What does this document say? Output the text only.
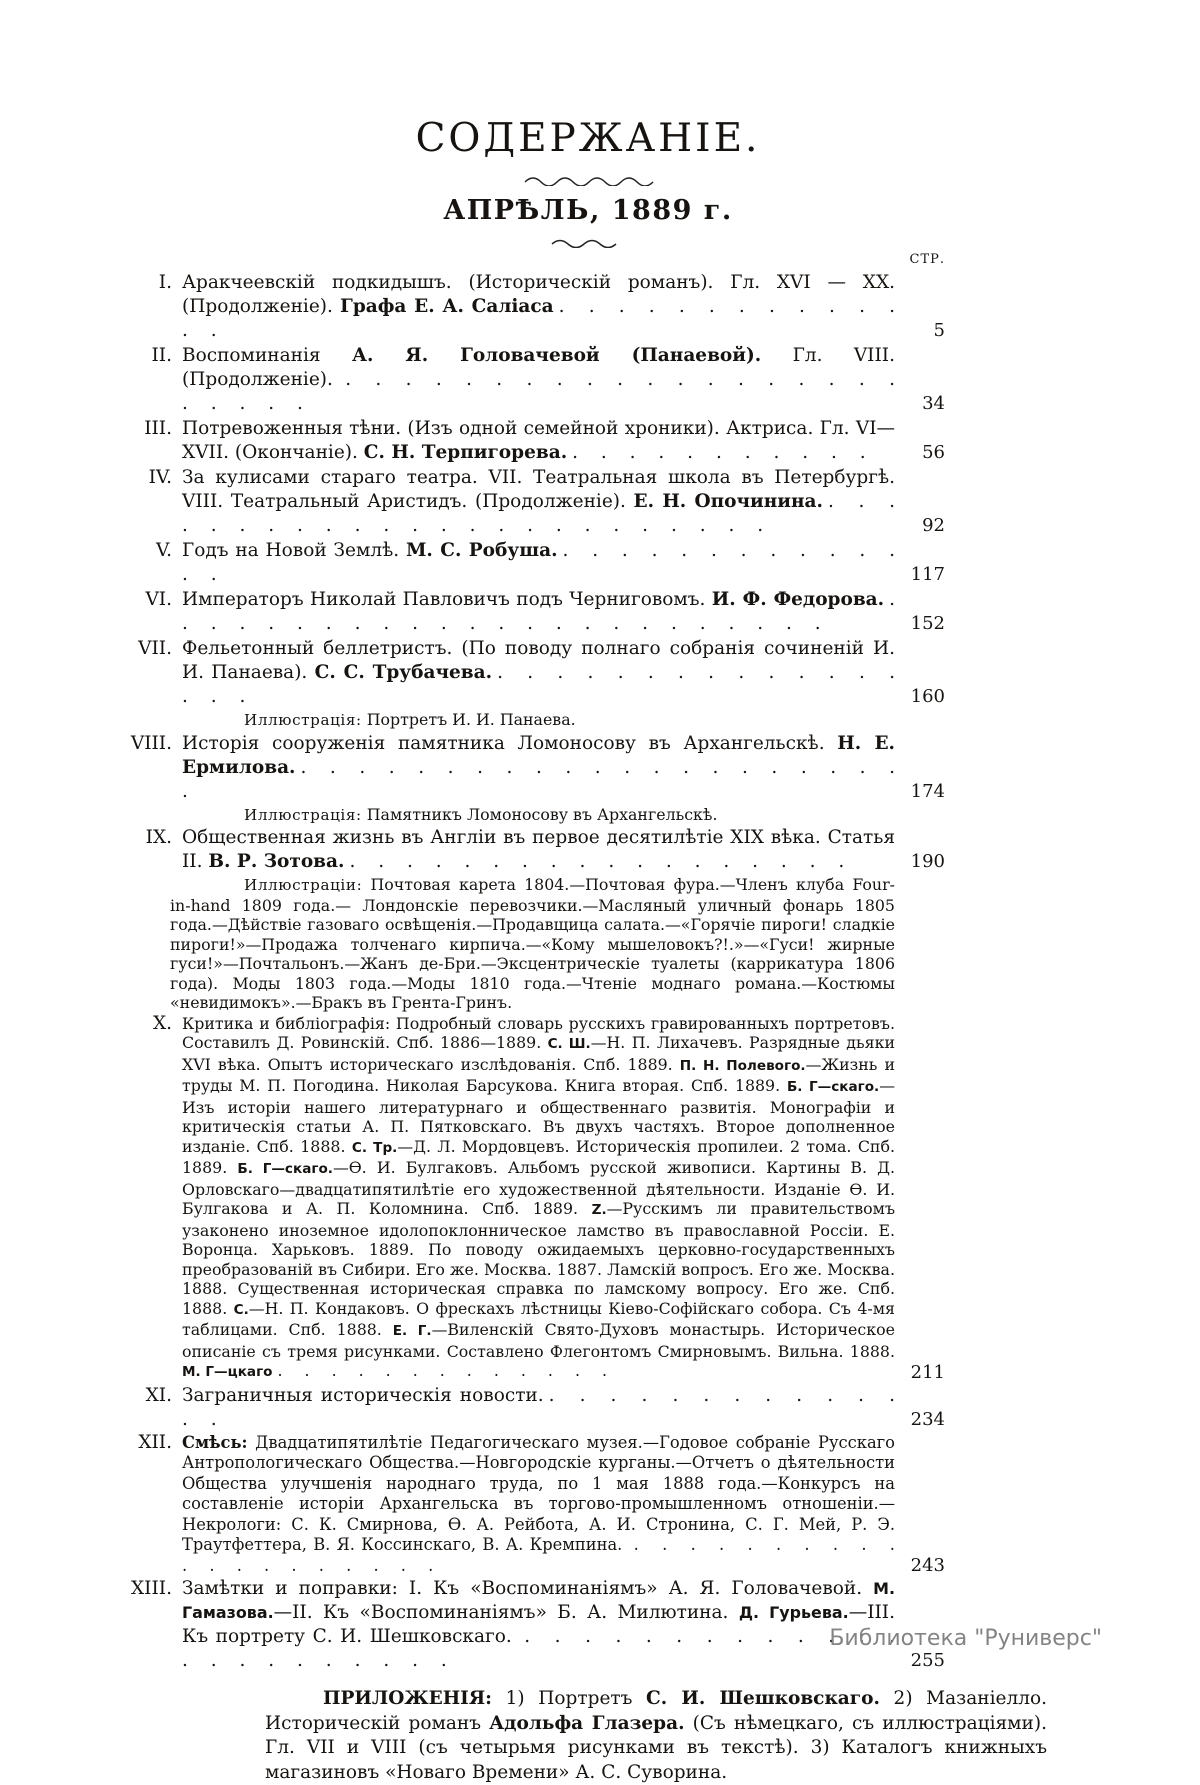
СОДЕРЖАНІЕ.
АПРѢЛЬ, 1889 г.
СТР.
I. Аракчеевскій подкидышъ. (Историческій романъ). Гл. XVI — XX. (Продолженіе). Графа Е. А. Саліаса . . . . . . . . . . . . . .	5
II. Воспоминанія А. Я. Головачевой (Панаевой). Гл. VIII. (Продолженіе). . . . . . . . . . . . . . . . . . . . . . . . .	34
III. Потревоженныя тѣни. (Изъ одной семейной хроники). Актриса. Гл. VI—XVII. (Окончаніе). С. Н. Терпигорева. . . . . . . . . . . .	56
IV. За кулисами стараго театра. VII. Театральная школа въ Петербургѣ. VIII. Театральный Аристидъ. (Продолженіе). Е. Н. Опочинина. . . . . . . . . . . . . . . . . . . . . . . . .	92
V. Годъ на Новой Землѣ. М. С. Робуша. . . . . . . . . . . . . . .	117
VI. Императоръ Николай Павловичъ подъ Черниговомъ. И. Ф. Федорова. . . . . . . . . . . . . . . . . . . . . . . . .	152
VII. Фельетонный беллетристъ. (По поводу полнаго собранія сочиненій И. И. Панаева). С. С. Трубачева. . . . . . . . . . . . . . . . . .	160
Иллюстрація: Портретъ И. И. Панаева.
VIII. Исторія сооруженія памятника Ломоносову въ Архангельскѣ. Н. Е. Ермилова. . . . . . . . . . . . . . . . . . . . . . .	174
Иллюстрація: Памятникъ Ломоносову въ Архангельскѣ.
IX. Общественная жизнь въ Англіи въ первое десятилѣтіе XIX вѣка. Статья II. В. Р. Зотова. . . . . . . . . . . . . . . . . . .	190
Иллюстраціи: Почтовая карета 1804.—Почтовая фура.—Членъ клуба Four-in-hand 1809 года.— Лондонскіе перевозчики.—Масляный уличный фонарь 1805 года.—Дѣйствіе газоваго освѣщенія.—Продавщица салата.—«Горячіе пироги! сладкіе пироги!»—Продажа толченаго кирпича.—«Кому мышеловокъ?!.»—«Гуси! жирные гуси!»—Почтальонъ.—Жанъ де-Бри.—Эксцентрическіе туалеты (каррикатура 1806 года). Моды 1803 года.—Моды 1810 года.—Чтеніе моднаго романа.—Костюмы «невидимокъ».—Бракъ въ Грента-Гринъ.
X. Критика и библіографія: Подробный словарь русскихъ гравированныхъ портретовъ. Составилъ Д. Ровинскій. Спб. 1886—1889. С. Ш.—Н. П. Лихачевъ. Разрядные дьяки XVI вѣка. Опытъ историческаго изслѣдованія. Спб. 1889. П. Н. Полевого.—Жизнь и труды М. П. Погодина. Николая Барсукова. Книга вторая. Спб. 1889. Б. Г—скаго.—Изъ исторіи нашего литературнаго и общественнаго развитія. Монографіи и критическія статьи А. П. Пятковскаго. Въ двухъ частяхъ. Второе дополненное изданіе. Спб. 1888. С. Тр.—Д. Л. Мордовцевъ. Историческія пропилеи. 2 тома. Спб. 1889. Б. Г—скаго.—Ѳ. И. Булгаковъ. Альбомъ русской живописи. Картины В. Д. Орловскаго—двадцатипятилѣтіе его художественной дѣятельности. Изданіе Ѳ. И. Булгакова и А. П. Коломнина. Спб. 1889. Z.—Русскимъ ли правительствомъ узаконено иноземное идолопоклонническое ламство въ православной Россіи. Е. Воронца. Харьковъ. 1889. По поводу ожидаемыхъ церковно-государственныхъ преобразованій въ Сибири. Его же. Москва. 1887. Ламскій вопросъ. Его же. Москва. 1888. Существенная историческая справка по ламскому вопросу. Его же. Спб. 1888. С.—Н. П. Кондаковъ. О фрескахъ лѣстницы Кіево-Софійскаго собора. Съ 4-мя таблицами. Спб. 1888. Е. Г.—Виленскій Свято-Духовъ монастырь. Историческое описаніе съ тремя рисунками. Составлено Флегонтомъ Смирновымъ. Вильна. 1888. М. Г—цкаго . . . . . . . . . . . . .	211
XI. Заграничныя историческія новости. . . . . . . . . . . . . . .	234
XII. Смѣсь: Двадцатипятилѣтіе Педагогическаго музея.—Годовое собраніе Русскаго Антропологическаго Общества.—Новгородскіе курганы.—Отчетъ о дѣятельности Общества улучшенія народнаго труда, по 1 мая 1888 года.—Конкурсъ на составленіе исторіи Архангельска въ торгово-промышленномъ отношеніи.— Некрологи: С. К. Смирнова, Ѳ. А. Рейбота, А. И. Стронина, С. Г. Мей, Р. Э. Траутфеттера, В. Я. Коссинскаго, В. А. Кремпина. . . . . . . . . . . . . . . . . . . . .	243
XIII. Замѣтки и поправки: I. Къ «Воспоминаніямъ» А. Я. Головачевой. М. Гамазова.—II. Къ «Воспоминаніямъ» Б. А. Милютина. Д. Гурьева.—III. Къ портрету С. И. Шешковскаго. . . . . . . . . . . . . . . . . . . . . . . .	255
ПРИЛОЖЕНІЯ: 1) Портретъ С. И. Шешковскаго. 2) Мазаніелло. Историческій романъ Адольфа Глазера. (Съ нѣмецкаго, съ иллюстраціями). Гл. VII и VIII (съ четырьмя рисунками въ текстѣ). 3) Каталогъ книжныхъ магазиновъ «Новаго Времени» А. С. Суворина.
Библиотека "Руниверс"
